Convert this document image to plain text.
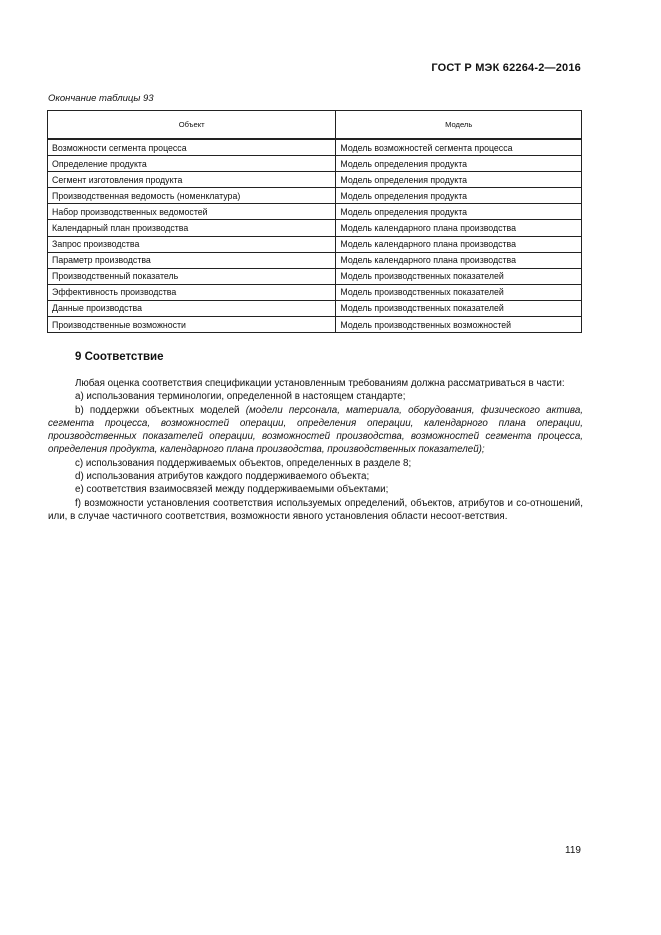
ГОСТ Р МЭК 62264-2—2016
Окончание таблицы 93
Объект	Модель
Возможности сегмента процесса	Модель возможностей сегмента процесса
Определение продукта	Модель определения продукта
Сегмент изготовления продукта	Модель определения продукта
Производственная ведомость (номенклатура)	Модель определения продукта
Набор производственных ведомостей	Модель определения продукта
Календарный план производства	Модель календарного плана производства
Запрос производства	Модель календарного плана производства
Параметр производства	Модель календарного плана производства
Производственный показатель	Модель производственных показателей
Эффективность производства	Модель производственных показателей
Данные производства	Модель производственных показателей
Производственные возможности	Модель производственных возможностей
9 Соответствие

Любая оценка соответствия спецификации установленным требованиям должна рассматриваться в части:

а) использования терминологии, определенной в настоящем стандарте;

b) поддержки объектных моделей (модели персонала, материала, оборудования, физического актива, сегмента процесса, возможностей операции, определения операции, календарного плана операции, производственных показателей операции, возможностей производства, возможностей сегмента процесса, определения продукта, календарного плана производства, производственных показателей);

c) использования поддерживаемых объектов, определенных в разделе 8;

d) использования атрибутов каждого поддерживаемого объекта;

e) соответствия взаимосвязей между поддерживаемыми объектами;

f) возможности установления соответствия используемых определений, объектов, атрибутов и со-отношений, или, в случае частичного соответствия, возможности явного установления области несоот-ветствия.

119
